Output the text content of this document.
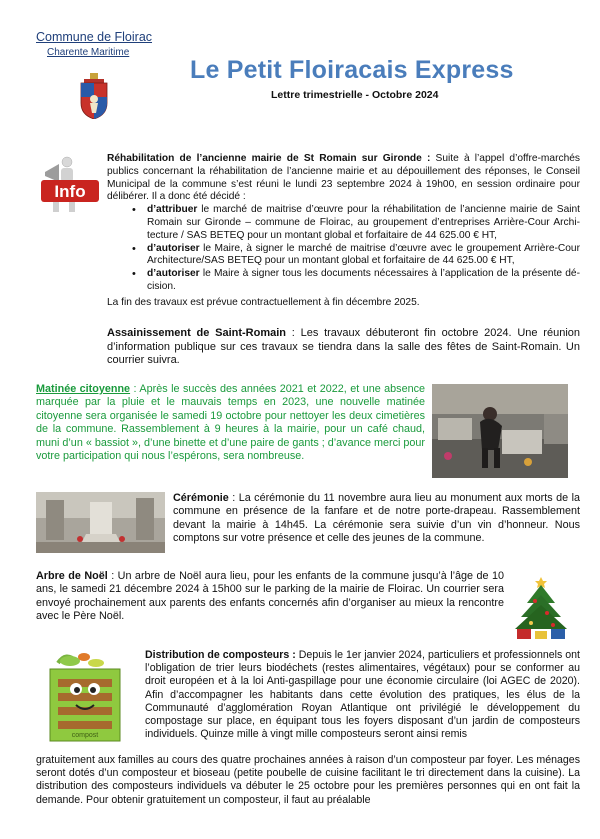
Commune de Floirac
Charente Maritime
Le Petit Floiracais Express
Lettre trimestrielle - Octobre 2024
Info
Réhabilitation de l’ancienne mairie de St Romain sur Gironde : Suite à l’appel d’offre-marchés publics concernant la réhabilitation de l’ancienne mairie et au dépouillement des réponses, le Conseil Municipal de la commune s’est réuni le lundi 23 septembre 2024 à 19h00, en session ordinaire pour délibérer. Il a donc été décidé :
• d’attribuer le marché de maitrise d’œuvre pour la réhabilitation de l’ancienne mairie de Saint Romain sur Gironde – commune de Floirac, au groupement d’entreprises Arrière-Cour Architecture / SAS BETEQ pour un montant global et forfaitaire de 44 625.00 € HT,
• d’autoriser le Maire, à signer le marché de maitrise d’œuvre avec le groupement Arrière-Cour Architecture/SAS BETEQ pour un montant global et forfaitaire de 44 625.00 € HT,
• d’autoriser le Maire à signer tous les documents nécessaires à l’application de la présente décision.
La fin des travaux est prévue contractuellement à fin décembre 2025.
Assainissement de Saint-Romain : Les travaux débuteront fin octobre 2024. Une réunion d’information publique sur ces travaux se tiendra dans la salle des fêtes de Saint-Romain. Un courrier suivra.
Matinée citoyenne : Après le succès des années 2021 et 2022, et une absence marquée par la pluie et le mauvais temps en 2023, une nouvelle matinée citoyenne sera organisée le samedi 19 octobre pour nettoyer les deux cimetières de la commune. Rassemblement à 9 heures à la mairie, pour un café chaud, muni d’un « bassiot », d’une binette et d’une paire de gants ; d’avance merci pour votre participation qui nous l’espérons, sera nombreuse.
Cérémonie : La cérémonie du 11 novembre aura lieu au monument aux morts de la commune en présence de la fanfare et de notre porte-drapeau. Rassemblement devant la mairie à 14h45. La cérémonie sera suivie d’un vin d’honneur. Nous comptons sur votre présence et celle des jeunes de la commune.
Arbre de Noël : Un arbre de Noël aura lieu, pour les enfants de la commune jusqu’à l’âge de 10 ans, le samedi 21 décembre 2024 à 15h00 sur le parking de la mairie de Floirac. Un courrier sera envoyé prochainement aux parents des enfants concernés afin d’organiser au mieux la rencontre avec le Père Noël.
compost
Distribution de composteurs : Depuis le 1er janvier 2024, particuliers et professionnels ont l’obligation de trier leurs biodéchets (restes alimentaires, végétaux) pour se conformer au droit européen et à la loi Anti-gaspillage pour une économie circulaire (loi AGEC de 2020). Afin d’accompagner les habitants dans cette évolution des pratiques, les élus de la Communauté d’agglomération Royan Atlantique ont privilégié le développement du compostage sur place, en équipant tous les foyers disposant d’un jardin de composteurs individuels. Quinze mille à vingt mille composteurs seront ainsi remis
gratuitement aux familles au cours des quatre prochaines années à raison d’un composteur par foyer. Les ménages seront dotés d’un composteur et bioseau (petite poubelle de cuisine facilitant le tri directement dans la cuisine). La distribution des composteurs individuels va débuter le 25 octobre pour les premières personnes qui en ont fait la demande. Pour obtenir gratuitement un composteur, il faut au préalable
